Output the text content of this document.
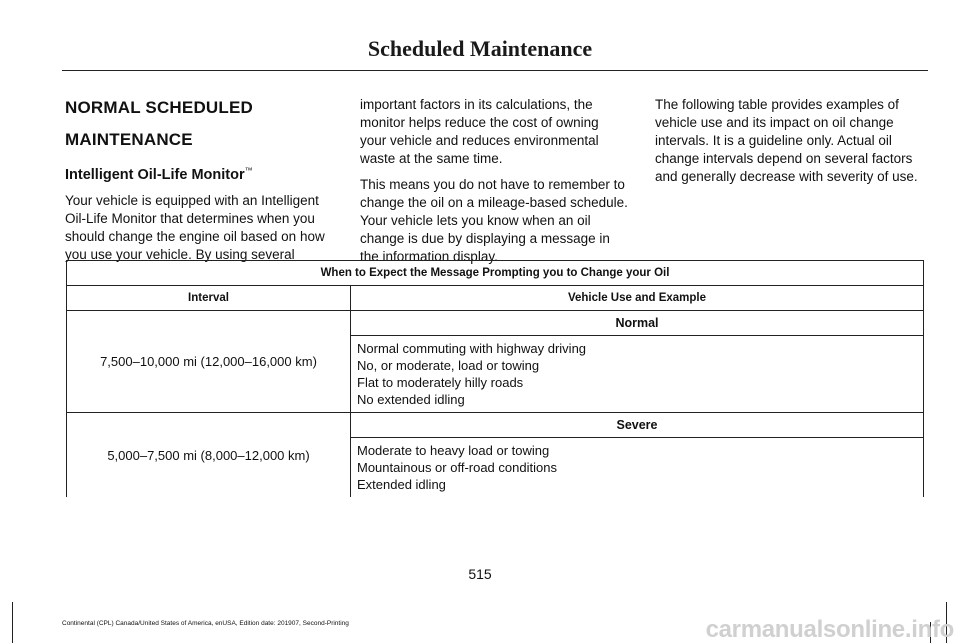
Scheduled Maintenance

NORMAL SCHEDULED

MAINTENANCE

Intelligent Oil-Life Monitor™

Your vehicle is equipped with an Intelligent Oil-Life Monitor that determines when you should change the engine oil based on how you use your vehicle. By using several

important factors in its calculations, the monitor helps reduce the cost of owning your vehicle and reduces environmental waste at the same time.

This means you do not have to remember to change the oil on a mileage-based schedule. Your vehicle lets you know when an oil change is due by displaying a message in the information display.

The following table provides examples of vehicle use and its impact on oil change intervals. It is a guideline only. Actual oil change intervals depend on several factors and generally decrease with severity of use.

When to Expect the Message Prompting you to Change your Oil	
Interval	Vehicle Use and Example
7,500–10,000 mi (12,000–16,000 km)	Normal

	Normal commuting with highway driving
No, or moderate, load or towing
Flat to moderately hilly roads
No extended idling

5,000–7,500 mi (8,000–12,000 km)	Severe

	Moderate to heavy load or towing
Mountainous or off-road conditions
Extended idling
515
Continental (CPL) Canada/United States of America, enUSA, Edition date: 201907, Second-Printing	carmanualsonline.info
